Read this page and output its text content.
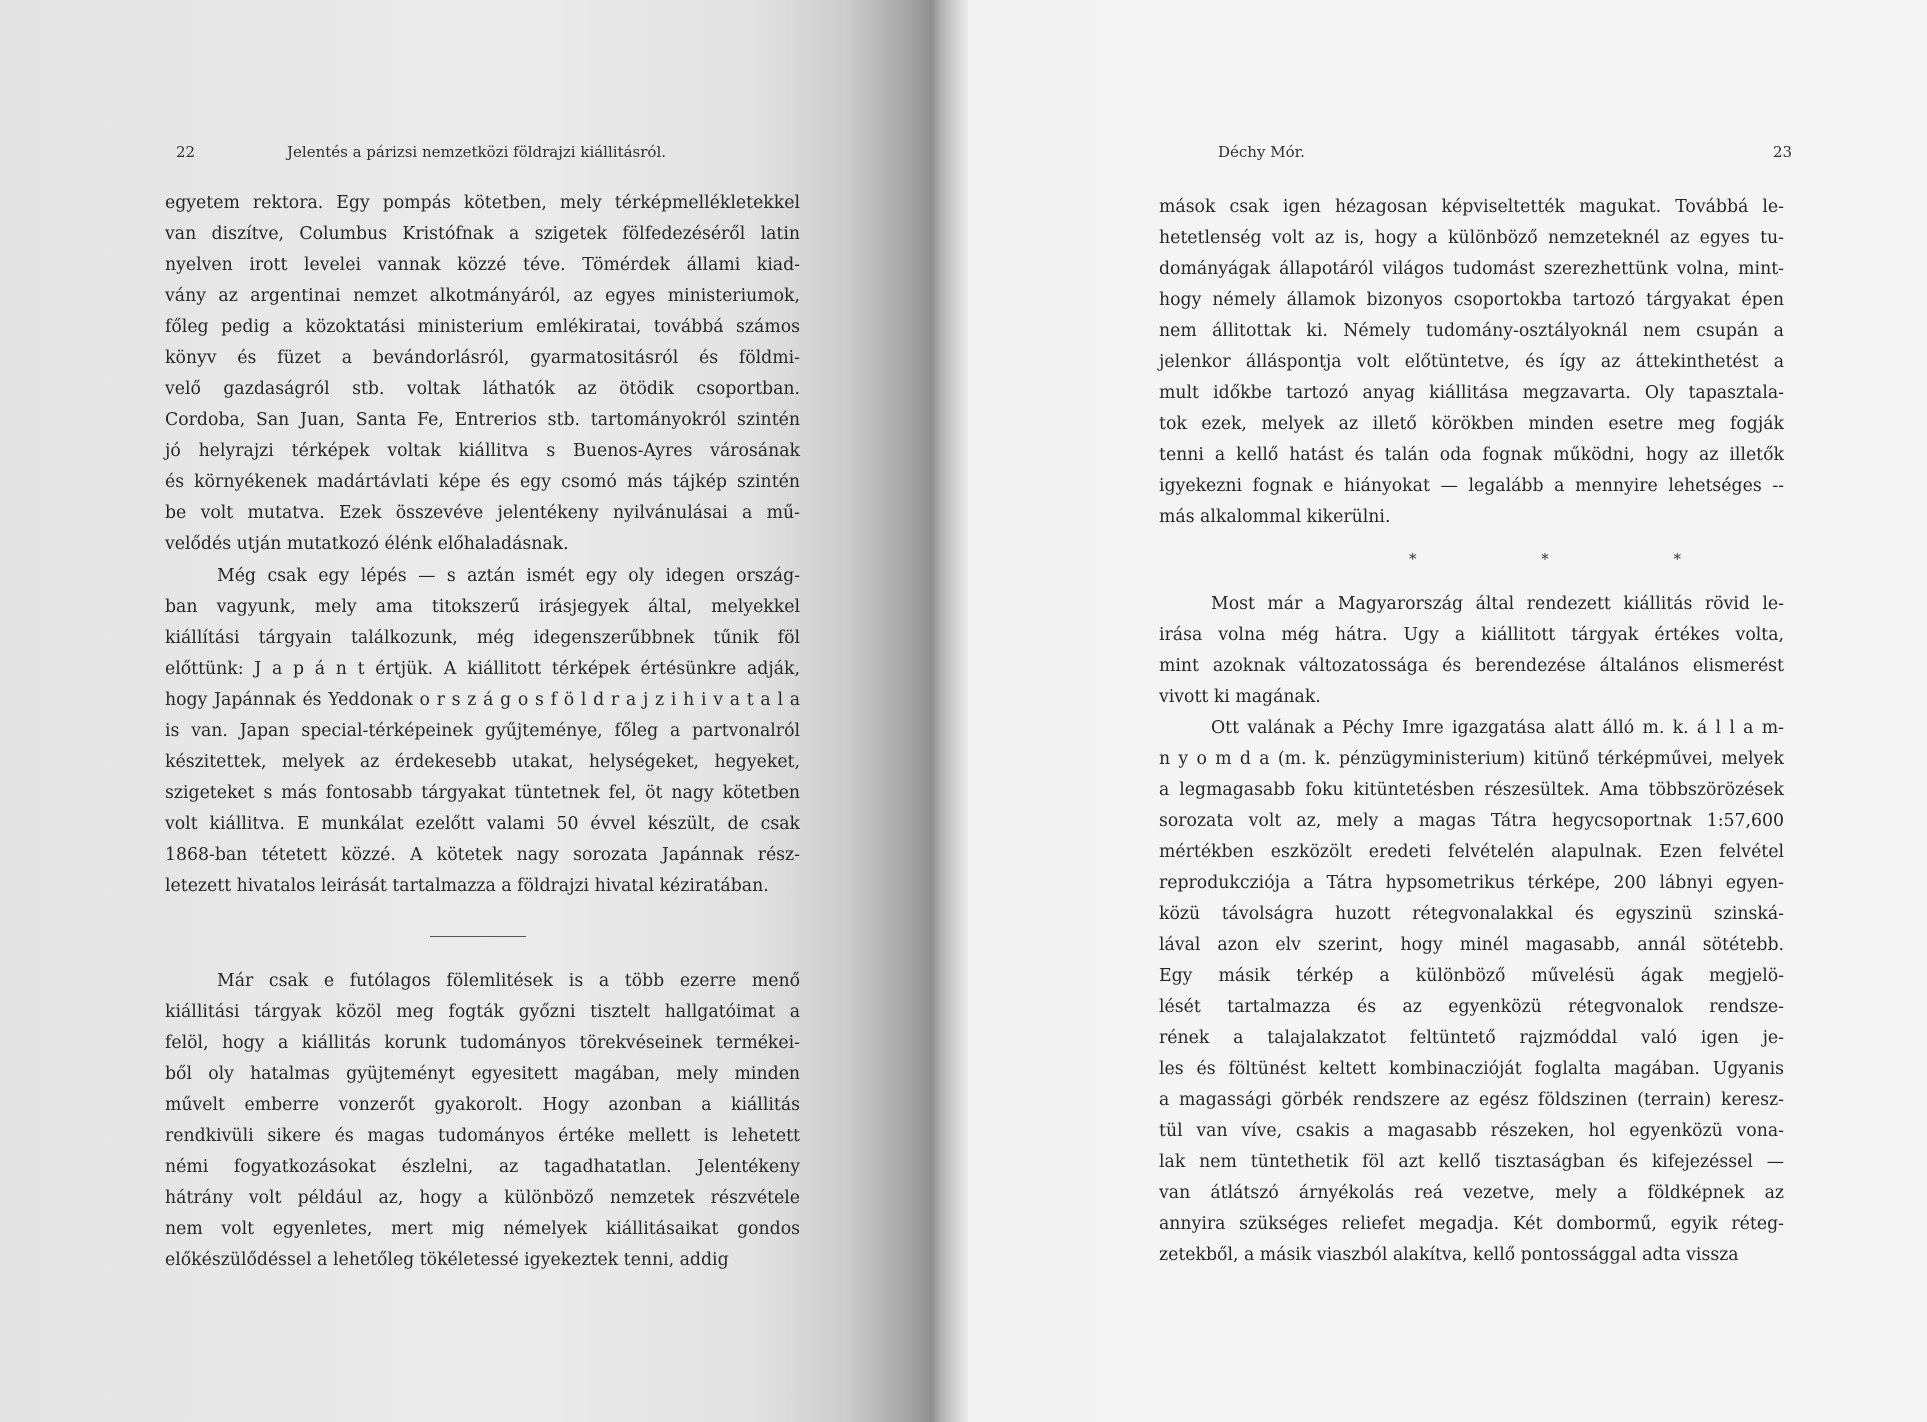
22	Jelentés a párizsi nemzetközi földrajzi kiállitásról.
egyetem rektora. Egy pompás kötetben, mely térképmellékletekkel
van diszítve, Columbus Kristófnak a szigetek fölfedezéséről latin
nyelven irott levelei vannak közzé téve. Tömérdek állami kiad-
vány az argentinai nemzet alkotmányáról, az egyes ministeriumok,
főleg pedig a közoktatási ministerium emlékiratai, továbbá számos
könyv és füzet a bevándorlásról, gyarmatositásról és földmi-
velő gazdaságról stb. voltak láthatók az ötödik csoportban.
Cordoba, San Juan, Santa Fe, Entrerios stb. tartományokról szintén
jó helyrajzi térképek voltak kiállitva s Buenos-Ayres városának
és környékenek madártávlati képe és egy csomó más tájkép szintén
be volt mutatva. Ezek összevéve jelentékeny nyilvánulásai a mű-
velődés utján mutatkozó élénk előhaladásnak.
Még csak egy lépés — s aztán ismét egy oly idegen ország-
ban vagyunk, mely ama titokszerű irásjegyek által, melyekkel
kiállítási tárgyain találkozunk, még idegenszerűbbnek tűnik föl
előttünk: J a p á n t értjük. A kiállitott térképek értésünkre adják,
hogy Japánnak és Yeddonak o r s z á g o s f ö l d r a j z i h i v a t a l a
is van. Japan special-térképeinek gyűjteménye, főleg a partvonalról
készitettek, melyek az érdekesebb utakat, helységeket, hegyeket,
szigeteket s más fontosabb tárgyakat tüntetnek fel, öt nagy kötetben
volt kiállitva. E munkálat ezelőtt valami 50 évvel készült, de csak
1868-ban tétetett közzé. A kötetek nagy sorozata Japánnak rész-
letezett hivatalos leirását tartalmazza a földrajzi hivatal kéziratában.
Már csak e futólagos fölemlitések is a több ezerre menő
kiállitási tárgyak közöl meg fogták győzni tisztelt hallgatóimat a
felöl, hogy a kiállitás korunk tudományos törekvéseinek termékei-
ből oly hatalmas gyüjteményt egyesitett magában, mely minden
művelt emberre vonzerőt gyakorolt. Hogy azonban a kiállitás
rendkivüli sikere és magas tudományos értéke mellett is lehetett
némi fogyatkozásokat észlelni, az tagadhatatlan. Jelentékeny
hátrány volt például az, hogy a különböző nemzetek részvétele
nem volt egyenletes, mert mig némelyek kiállitásaikat gondos
előkészülődéssel a lehetőleg tökéletessé igyekeztek tenni, addig
Déchy Mór.	23
mások csak igen hézagosan képviseltették magukat. Továbbá le-
hetetlenség volt az is, hogy a különböző nemzeteknél az egyes tu-
dományágak állapotáról világos tudomást szerezhettünk volna, mint-
hogy némely államok bizonyos csoportokba tartozó tárgyakat épen
nem állitottak ki. Némely tudomány-osztályoknál nem csupán a
jelenkor álláspontja volt előtüntetve, és így az áttekinthetést a
mult időkbe tartozó anyag kiállitása megzavarta. Oly tapasztala-
tok ezek, melyek az illető körökben minden esetre meg fogják
tenni a kellő hatást és talán oda fognak működni, hogy az illetők
igyekezni fognak e hiányokat — legalább a mennyire lehetséges --
más alkalommal kikerülni.
* * *
Most már a Magyarország által rendezett kiállitás rövid le-
irása volna még hátra. Ugy a kiállitott tárgyak értékes volta,
mint azoknak változatossága és berendezése általános elismerést
vivott ki magának.
Ott valának a Péchy Imre igazgatása alatt álló m. k. á l l a m-
n y o m d a (m. k. pénzügyministerium) kitünő térképművei, melyek
a legmagasabb foku kitüntetésben részesültek. Ama többszörözések
sorozata volt az, mely a magas Tátra hegycsoportnak 1:57,600
mértékben eszközölt eredeti felvételén alapulnak. Ezen felvétel
reprodukcziója a Tátra hypsometrikus térképe, 200 lábnyi egyen-
közü távolságra huzott rétegvonalakkal és egyszinü szinská-
lával azon elv szerint, hogy minél magasabb, annál sötétebb.
Egy másik térkép a különböző művelésü ágak megjelö-
lését tartalmazza és az egyenközü rétegvonalok rendsze-
rének a talajalakzatot feltüntető rajzmóddal való igen je-
les és föltünést keltett kombinaczióját foglalta magában. Ugyanis
a magassági görbék rendszere az egész földszinen (terrain) keresz-
tül van víve, csakis a magasabb részeken, hol egyenközü vona-
lak nem tüntethetik föl azt kellő tisztaságban és kifejezéssel —
van átlátszó árnyékolás reá vezetve, mely a földképnek az
annyira szükséges reliefet megadja. Két dombormű, egyik réteg-
zetekből, a másik viaszból alakítva, kellő pontossággal adta vissza
